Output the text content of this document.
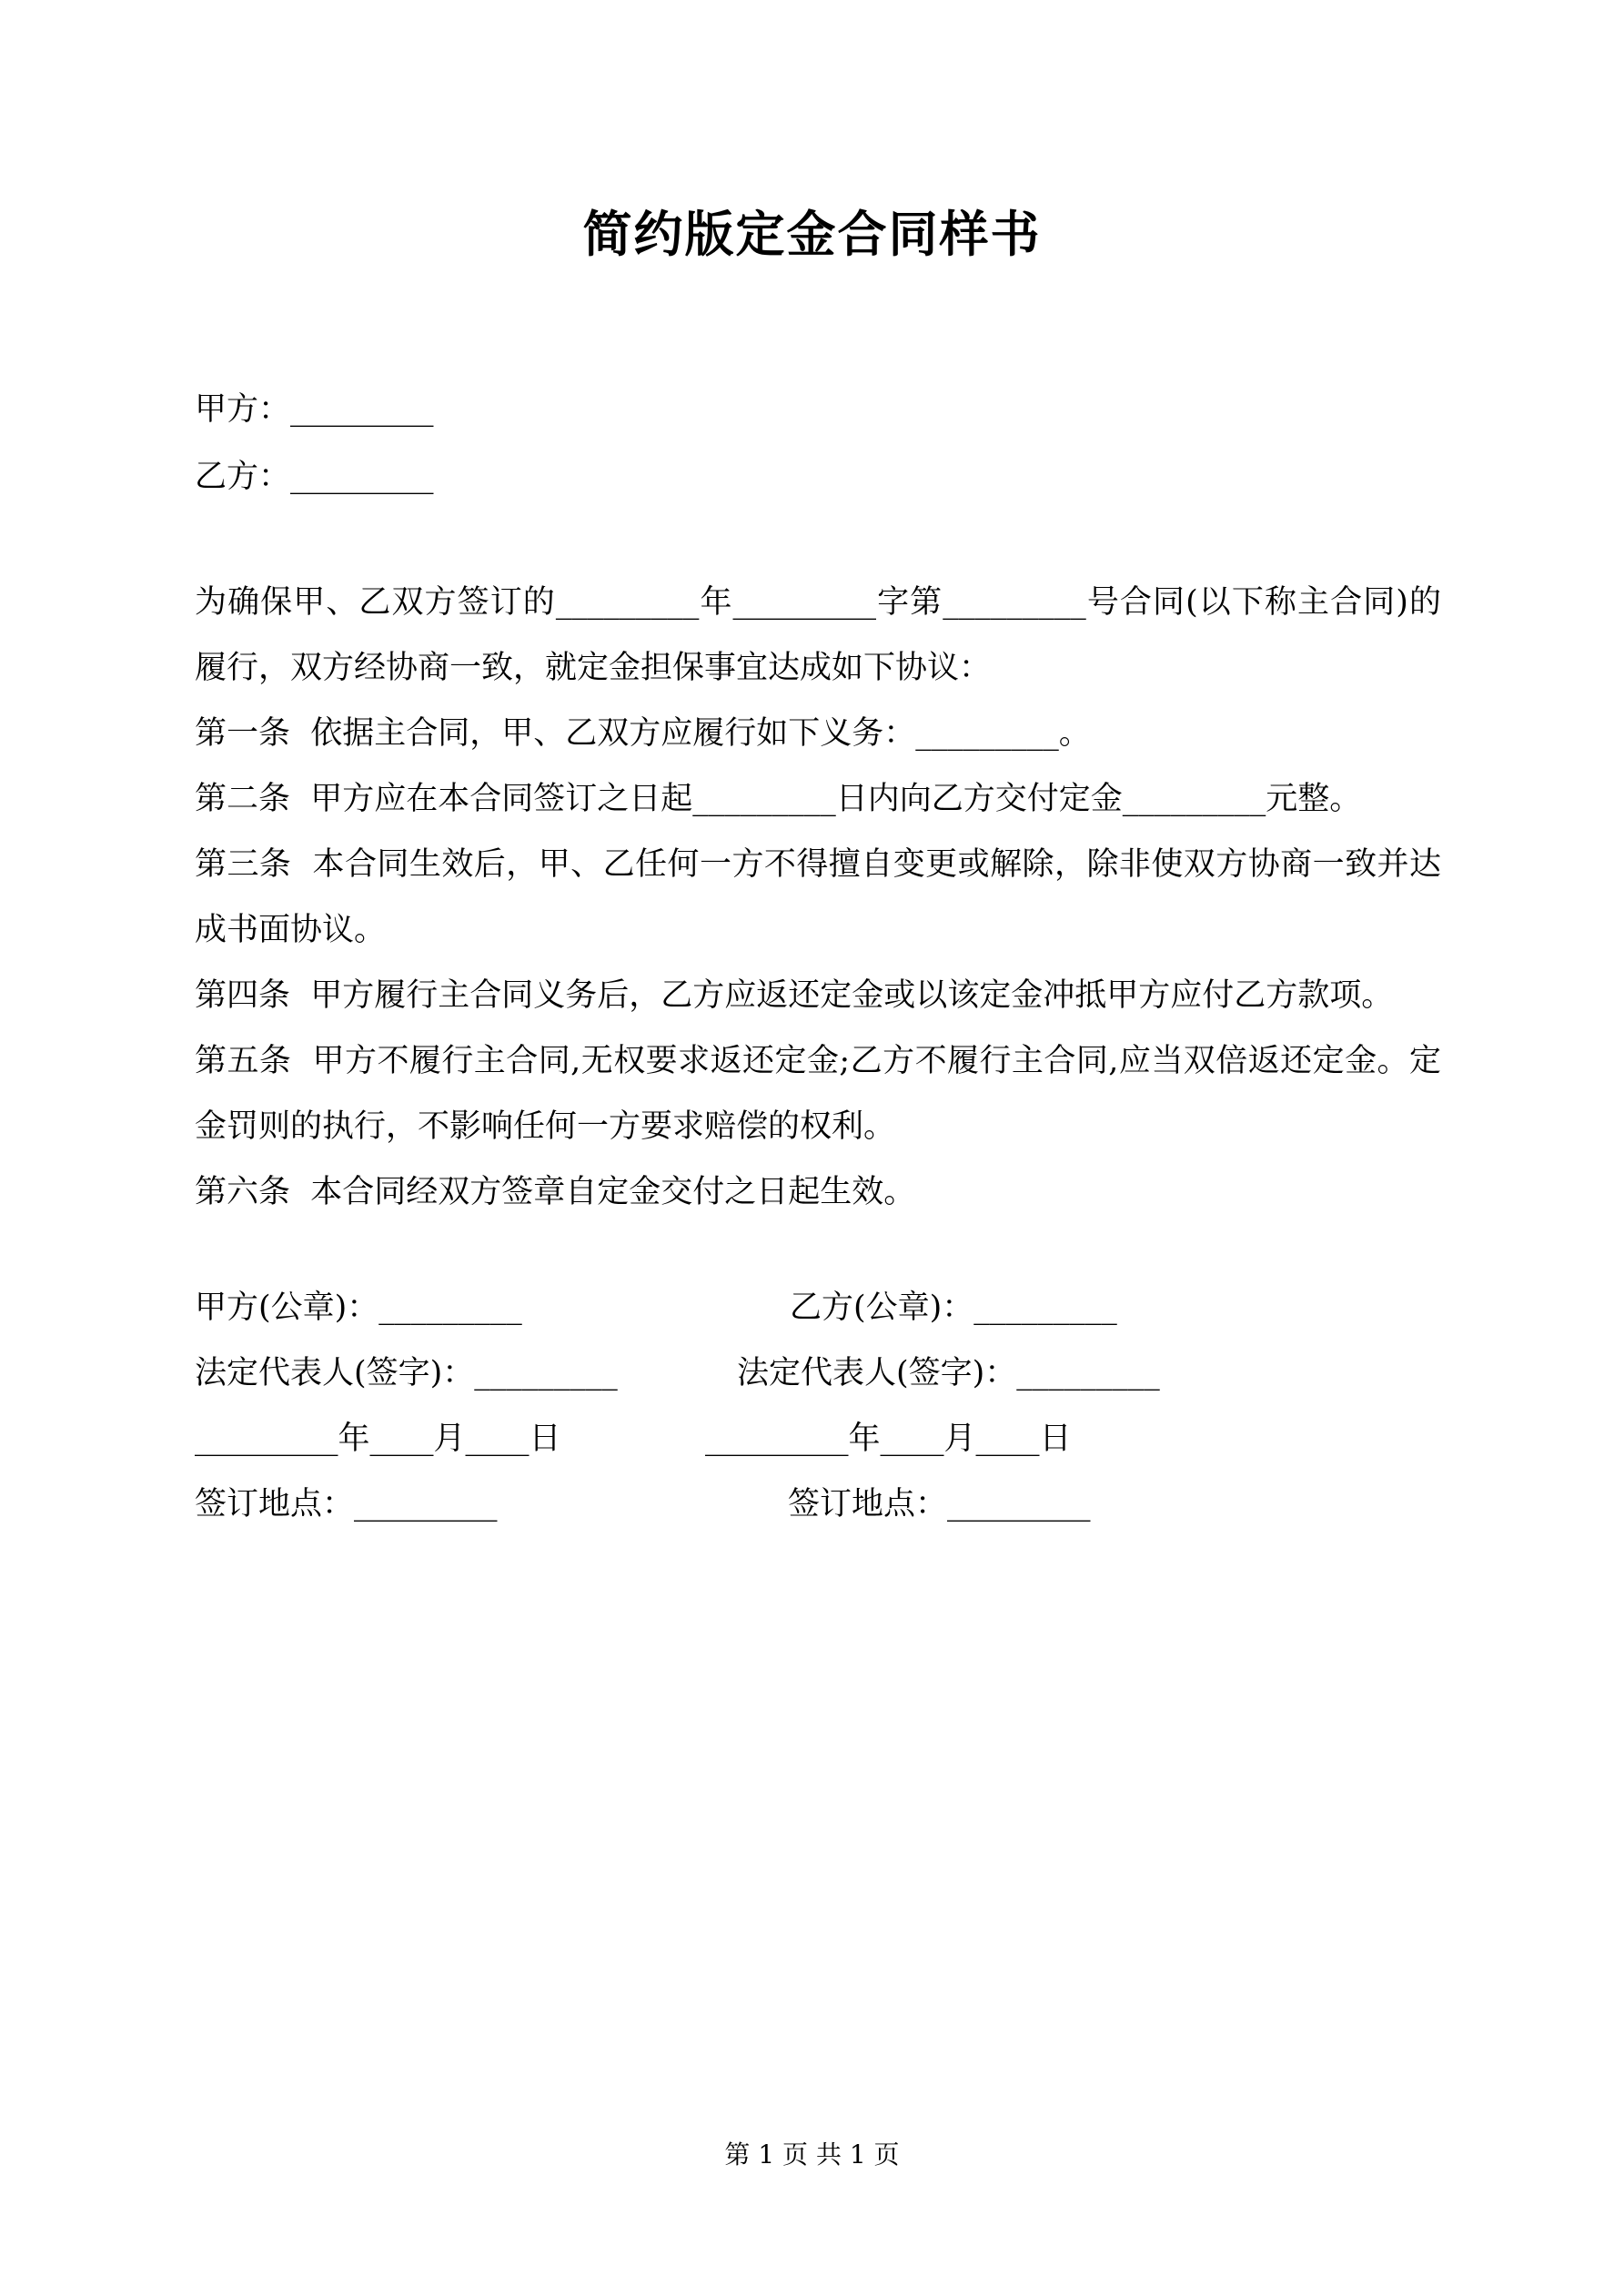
简约版定金合同样书
甲方：_________
乙方：_________
为确保甲、乙双方签订的_________年_________字第_________号合同(以下称主合同)的履行，双方经协商一致，就定金担保事宜达成如下协议：
第一条  依据主合同，甲、乙双方应履行如下义务：_________。
第二条  甲方应在本合同签订之日起_________日内向乙方交付定金_________元整。
第三条  本合同生效后，甲、乙任何一方不得擅自变更或解除，除非使双方协商一致并达成书面协议。
第四条  甲方履行主合同义务后，乙方应返还定金或以该定金冲抵甲方应付乙方款项。
第五条  甲方不履行主合同,无权要求返还定金;乙方不履行主合同,应当双倍返还定金。定金罚则的执行，不影响任何一方要求赔偿的权利。
第六条  本合同经双方签章自定金交付之日起生效。
甲方(公章)：_________	乙方(公章)：_________
法定代表人(签字)：_________	法定代表人(签字)：_________
_________年____月____日	_________年____月____日
签订地点：_________	签订地点：_________
第 1 页 共 1 页
